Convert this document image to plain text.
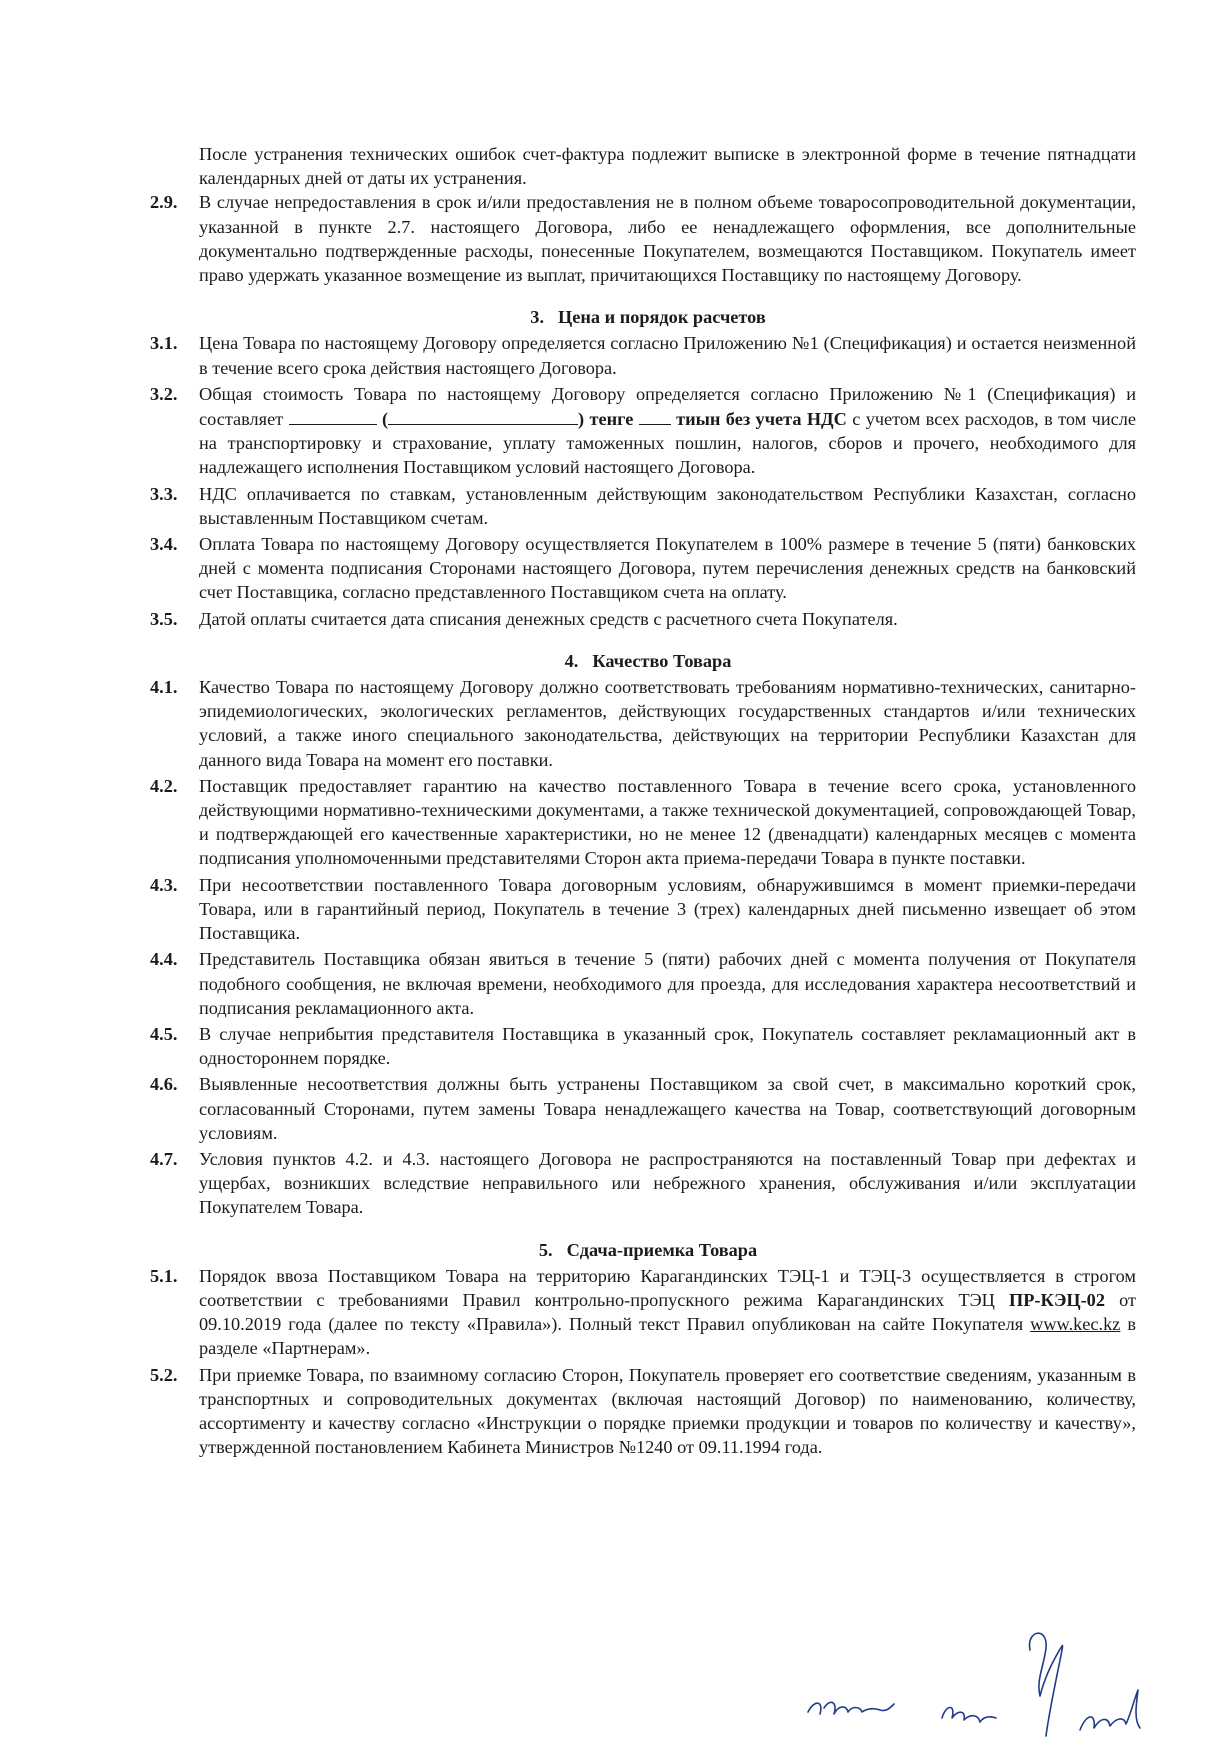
После устранения технических ошибок счет-фактура подлежит выписке в электронной форме в течение пятнадцати календарных дней от даты их устранения.

2.9. В случае непредоставления в срок и/или предоставления не в полном объеме товаросопроводительной документации, указанной в пункте 2.7. настоящего Договора, либо ее ненадлежащего оформления, все дополнительные документально подтвержденные расходы, понесенные Покупателем, возмещаются Поставщиком. Покупатель имеет право удержать указанное возмещение из выплат, причитающихся Поставщику по настоящему Договору.
3. Цена и порядок расчетов
3.1. Цена Товара по настоящему Договору определяется согласно Приложению №1 (Спецификация) и остается неизменной в течение всего срока действия настоящего Договора.
3.2. Общая стоимость Товара по настоящему Договору определяется согласно Приложению №1 (Спецификация) и составляет	(	) тенге  тиын без учета НДС с учетом всех расходов, в том числе на транспортировку и страхование, уплату таможенных пошлин, налогов, сборов и прочего, необходимого для надлежащего исполнения Поставщиком условий настоящего Договора.
3.3. НДС оплачивается по ставкам, установленным действующим законодательством Республики Казахстан, согласно выставленным Поставщиком счетам.
3.4. Оплата Товара по настоящему Договору осуществляется Покупателем в 100% размере в течение 5 (пяти) банковских дней с момента подписания Сторонами настоящего Договора, путем перечисления денежных средств на банковский счет Поставщика, согласно представленного Поставщиком счета на оплату.
3.5. Датой оплаты считается дата списания денежных средств с расчетного счета Покупателя.
4. Качество Товара
4.1. Качество Товара по настоящему Договору должно соответствовать требованиям нормативно-технических, санитарно-эпидемиологических, экологических регламентов, действующих государственных стандартов и/или технических условий, а также иного специального законодательства, действующих на территории Республики Казахстан для данного вида Товара на момент его поставки.
4.2. Поставщик предоставляет гарантию на качество поставленного Товара в течение всего срока, установленного действующими нормативно-техническими документами, а также технической документацией, сопровождающей Товар, и подтверждающей его качественные характеристики, но не менее 12 (двенадцати) календарных месяцев с момента подписания уполномоченными представителями Сторон акта приема-передачи Товара в пункте поставки.
4.3. При несоответствии поставленного Товара договорным условиям, обнаружившимся в момент приемки-передачи Товара, или в гарантийный период, Покупатель в течение 3 (трех) календарных дней письменно извещает об этом Поставщика.
4.4. Представитель Поставщика обязан явиться в течение 5 (пяти) рабочих дней с момента получения от Покупателя подобного сообщения, не включая времени, необходимого для проезда, для исследования характера несоответствий и подписания рекламационного акта.
4.5. В случае неприбытия представителя Поставщика в указанный срок, Покупатель составляет рекламационный акт в одностороннем порядке.
4.6. Выявленные несоответствия должны быть устранены Поставщиком за свой счет, в максимально короткий срок, согласованный Сторонами, путем замены Товара ненадлежащего качества на Товар, соответствующий договорным условиям.
4.7. Условия пунктов 4.2. и 4.3. настоящего Договора не распространяются на поставленный Товар при дефектах и ущербах, возникших вследствие неправильного или небрежного хранения, обслуживания и/или эксплуатации Покупателем Товара.
5. Сдача-приемка Товара
5.1. Порядок ввоза Поставщиком Товара на территорию Карагандинских ТЭЦ-1 и ТЭЦ-3 осуществляется в строгом соответствии с требованиями Правил контрольно-пропускного режима Карагандинских ТЭЦ ПР-КЭЦ-02 от 09.10.2019 года (далее по тексту «Правила»). Полный текст Правил опубликован на сайте Покупателя www.kec.kz в разделе «Партнерам».
5.2. При приемке Товара, по взаимному согласию Сторон, Покупатель проверяет его соответствие сведениям, указанным в транспортных и сопроводительных документах (включая настоящий Договор) по наименованию, количеству, ассортименту и качеству согласно «Инструкции о порядке приемки продукции и товаров по количеству и качеству», утвержденной постановлением Кабинета Министров №1240 от 09.11.1994 года.
